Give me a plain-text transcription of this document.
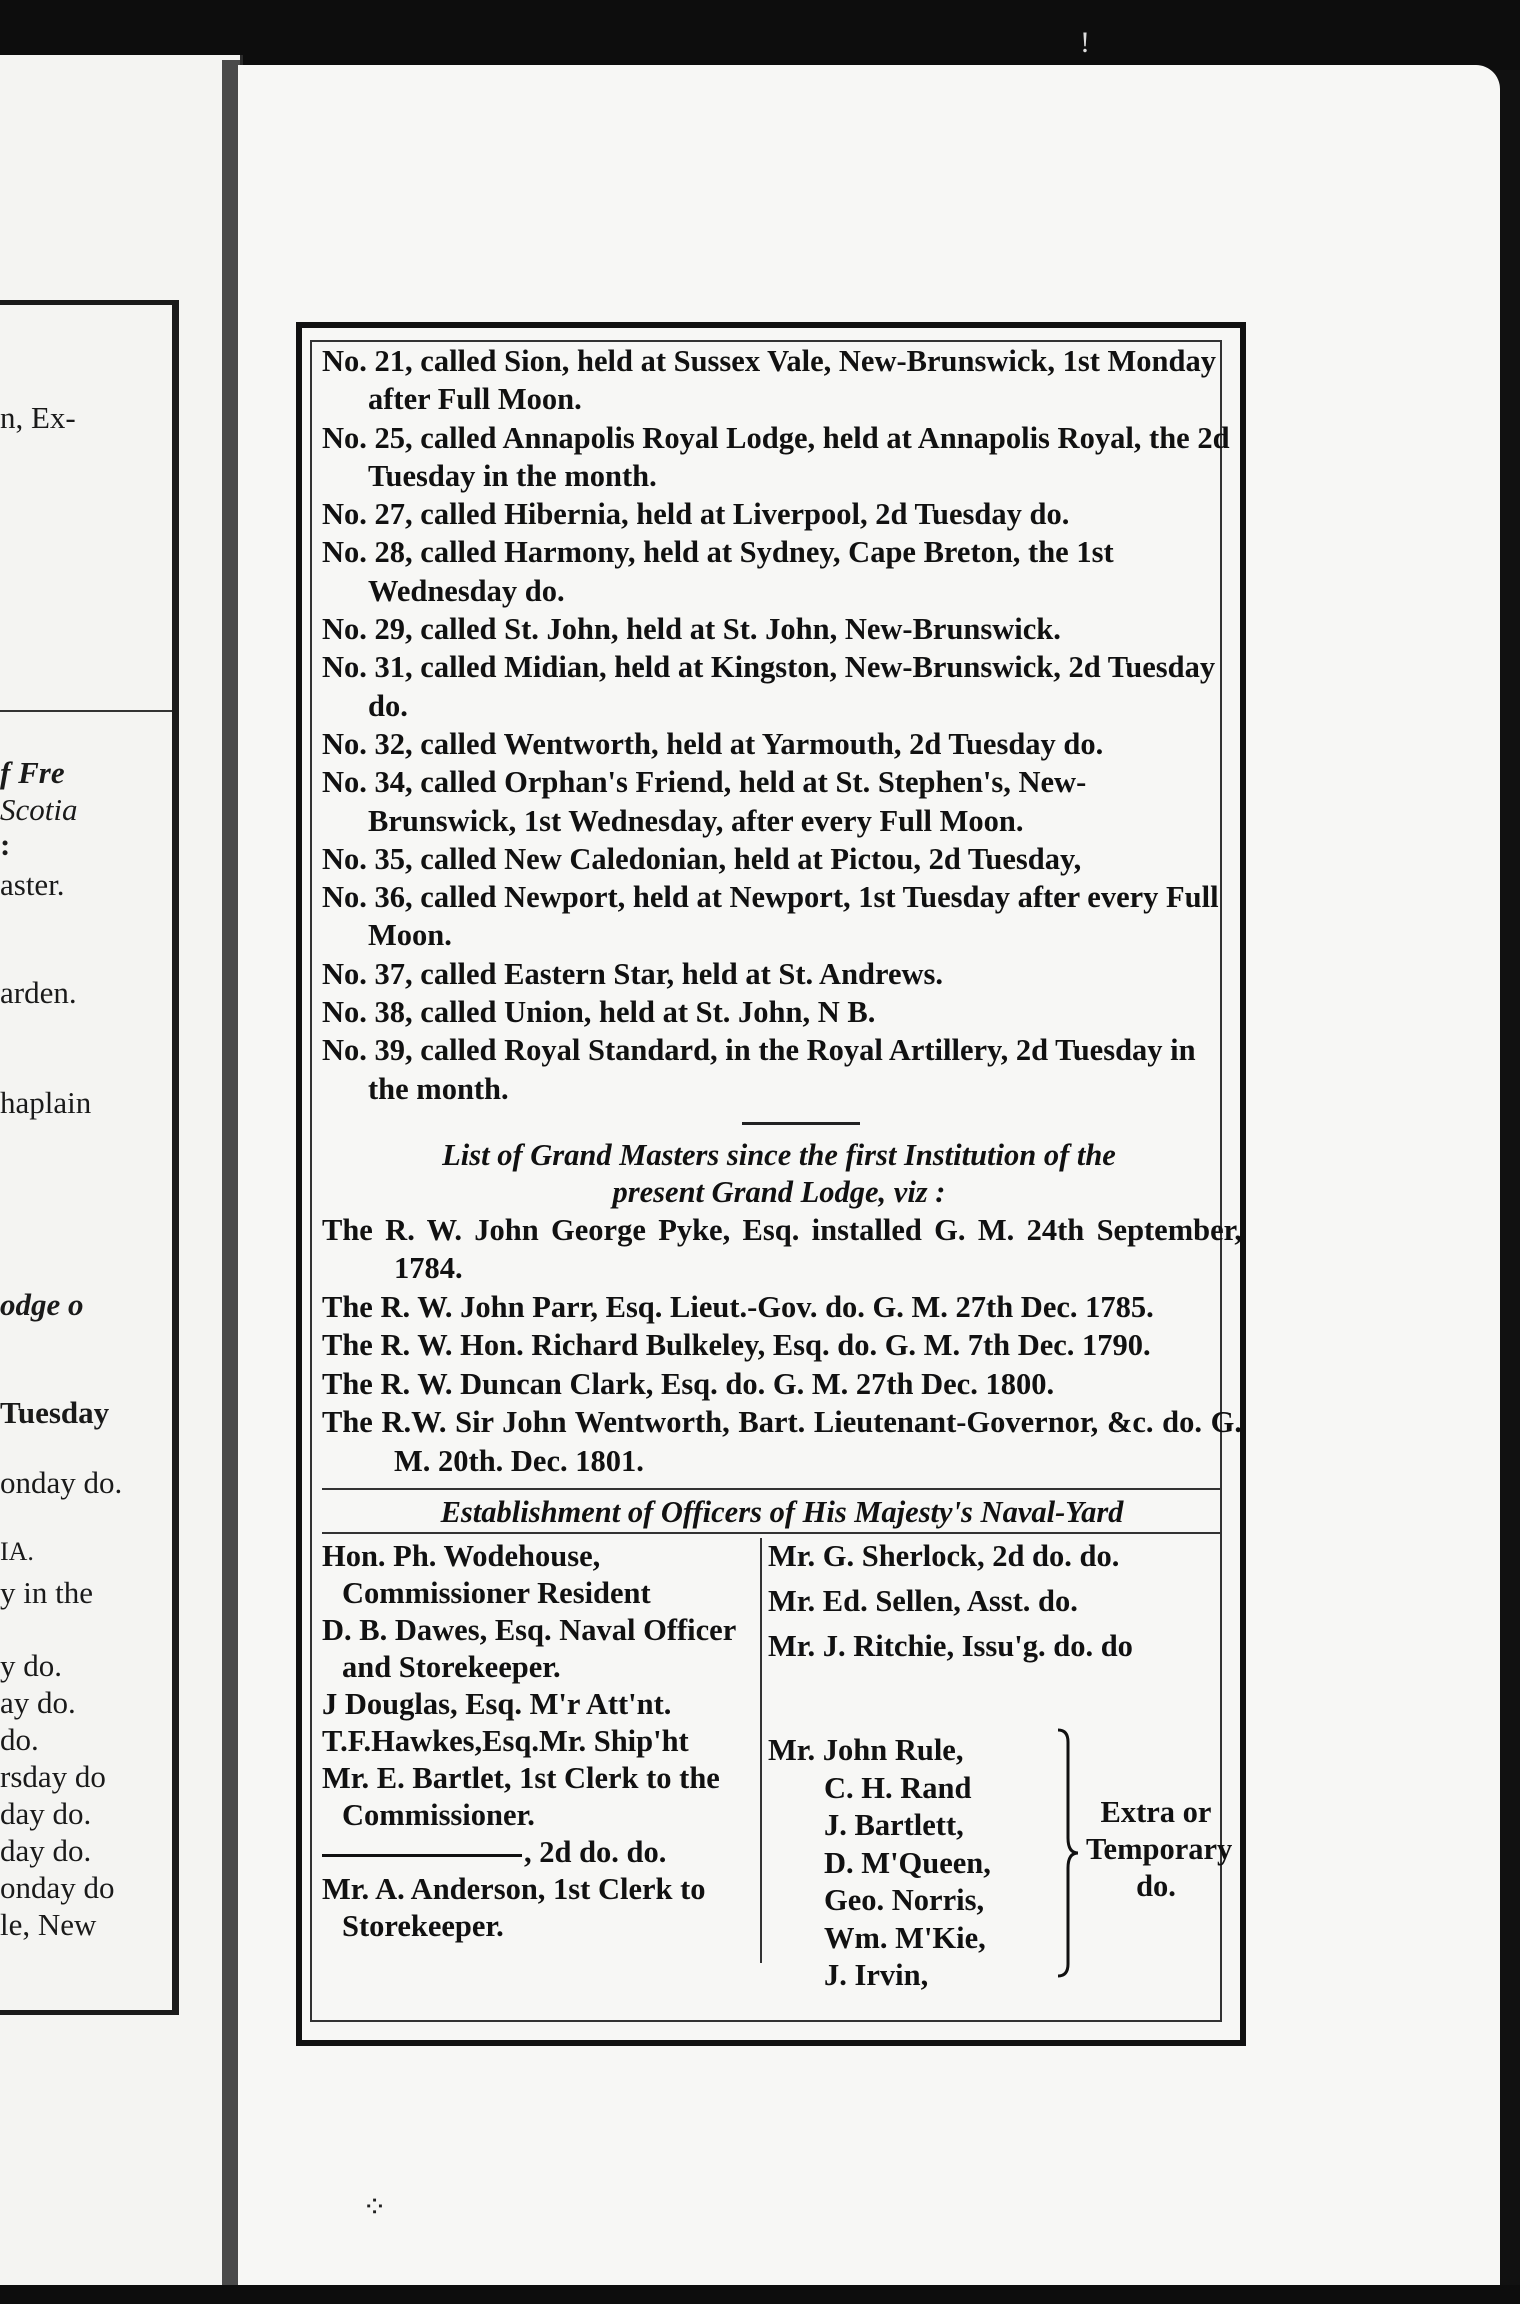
n, Ex-
f Fre
Scotia
:
aster.
arden.
haplain
odge o
Tuesday
onday do.
IA.
y in the
y do.
ay do.
do.
rsday do
day do.
day do.
onday do
le, New

No. 21, called Sion, held at Sussex Vale, New-Brunswick, 1st Monday after Full Moon.

No. 25, called Annapolis Royal Lodge, held at Annapolis Royal, the 2d Tuesday in the month.

No. 27, called Hibernia, held at Liverpool, 2d Tuesday do.

No. 28, called Harmony, held at Sydney, Cape Breton, the 1st Wednesday do.

No. 29, called St. John, held at St. John, New-Brunswick.

No. 31, called Midian, held at Kingston, New-Brunswick, 2d Tuesday do.

No. 32, called Wentworth, held at Yarmouth, 2d Tuesday do.

No. 34, called Orphan's Friend, held at St. Stephen's, New- Brunswick, 1st Wednesday, after every Full Moon.

No. 35, called New Caledonian, held at Pictou, 2d Tuesday,

No. 36, called Newport, held at Newport, 1st Tuesday after every Full Moon.

No. 37, called Eastern Star, held at St. Andrews.

No. 38, called Union, held at St. John, N B.

No. 39, called Royal Standard, in the Royal Artillery, 2d Tuesday in the month.

List of Grand Masters since the first Institution of the
present Grand Lodge, viz :

The R. W. John George Pyke, Esq. installed G. M. 24th September, 1784.

The R. W. John Parr, Esq. Lieut.-Gov. do. G. M. 27th Dec. 1785.

The R. W. Hon. Richard Bulkeley, Esq. do. G. M. 7th Dec. 1790.

The R. W. Duncan Clark, Esq. do. G. M. 27th Dec. 1800.

The R.W. Sir John Wentworth, Bart. Lieutenant-Governor, &c. do. G. M. 20th. Dec. 1801.

Establishment of Officers of His Majesty's Naval-Yard

Hon. Ph. Wodehouse, Commissioner Resident

D. B. Dawes, Esq. Naval Officer and Storekeeper.

J Douglas, Esq. M'r Att'nt.

T.F.Hawkes,Esq.Mr. Ship'ht

Mr. E. Bartlet, 1st Clerk to the Commissioner.

, 2d do. do.

Mr. A. Anderson, 1st Clerk to Storekeeper.

Mr. G. Sherlock, 2d do. do.

Mr. Ed. Sellen, Asst. do.

Mr. J. Ritchie, Issu'g. do. do

Mr. John Rule,
C. H. Rand
J. Bartlett,
D. M'Queen,
Geo. Norris,
Wm. M'Kie,
J. Irvin,
Extra or Temporary do.
!
⁘
